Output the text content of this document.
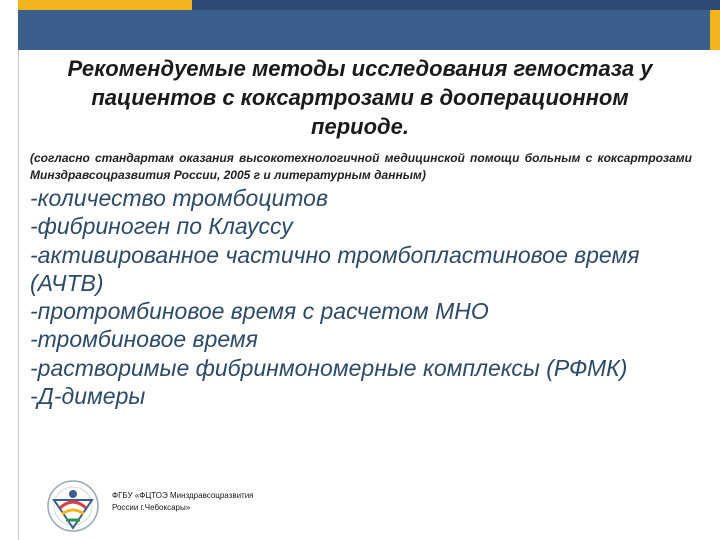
Рекомендуемые методы исследования гемостаза у пациентов с коксартрозами в дооперационном периоде.
(согласно стандартам оказания высокотехнологичной медицинской помощи больным с коксартрозами Минздравсоцразвития России, 2005 г и литературным данным)
-количество тромбоцитов
-фибриноген по Клауссу
-активированное частично тромбопластиновое время (АЧТВ)
-протромбиновое время с расчетом МНО
-тромбиновое время
-растворимые фибринмономерные комплексы (РФМК)
-Д-димеры
ФГБУ «ФЦТОЭ Минздравсоцразвития
России г.Чебоксары»
